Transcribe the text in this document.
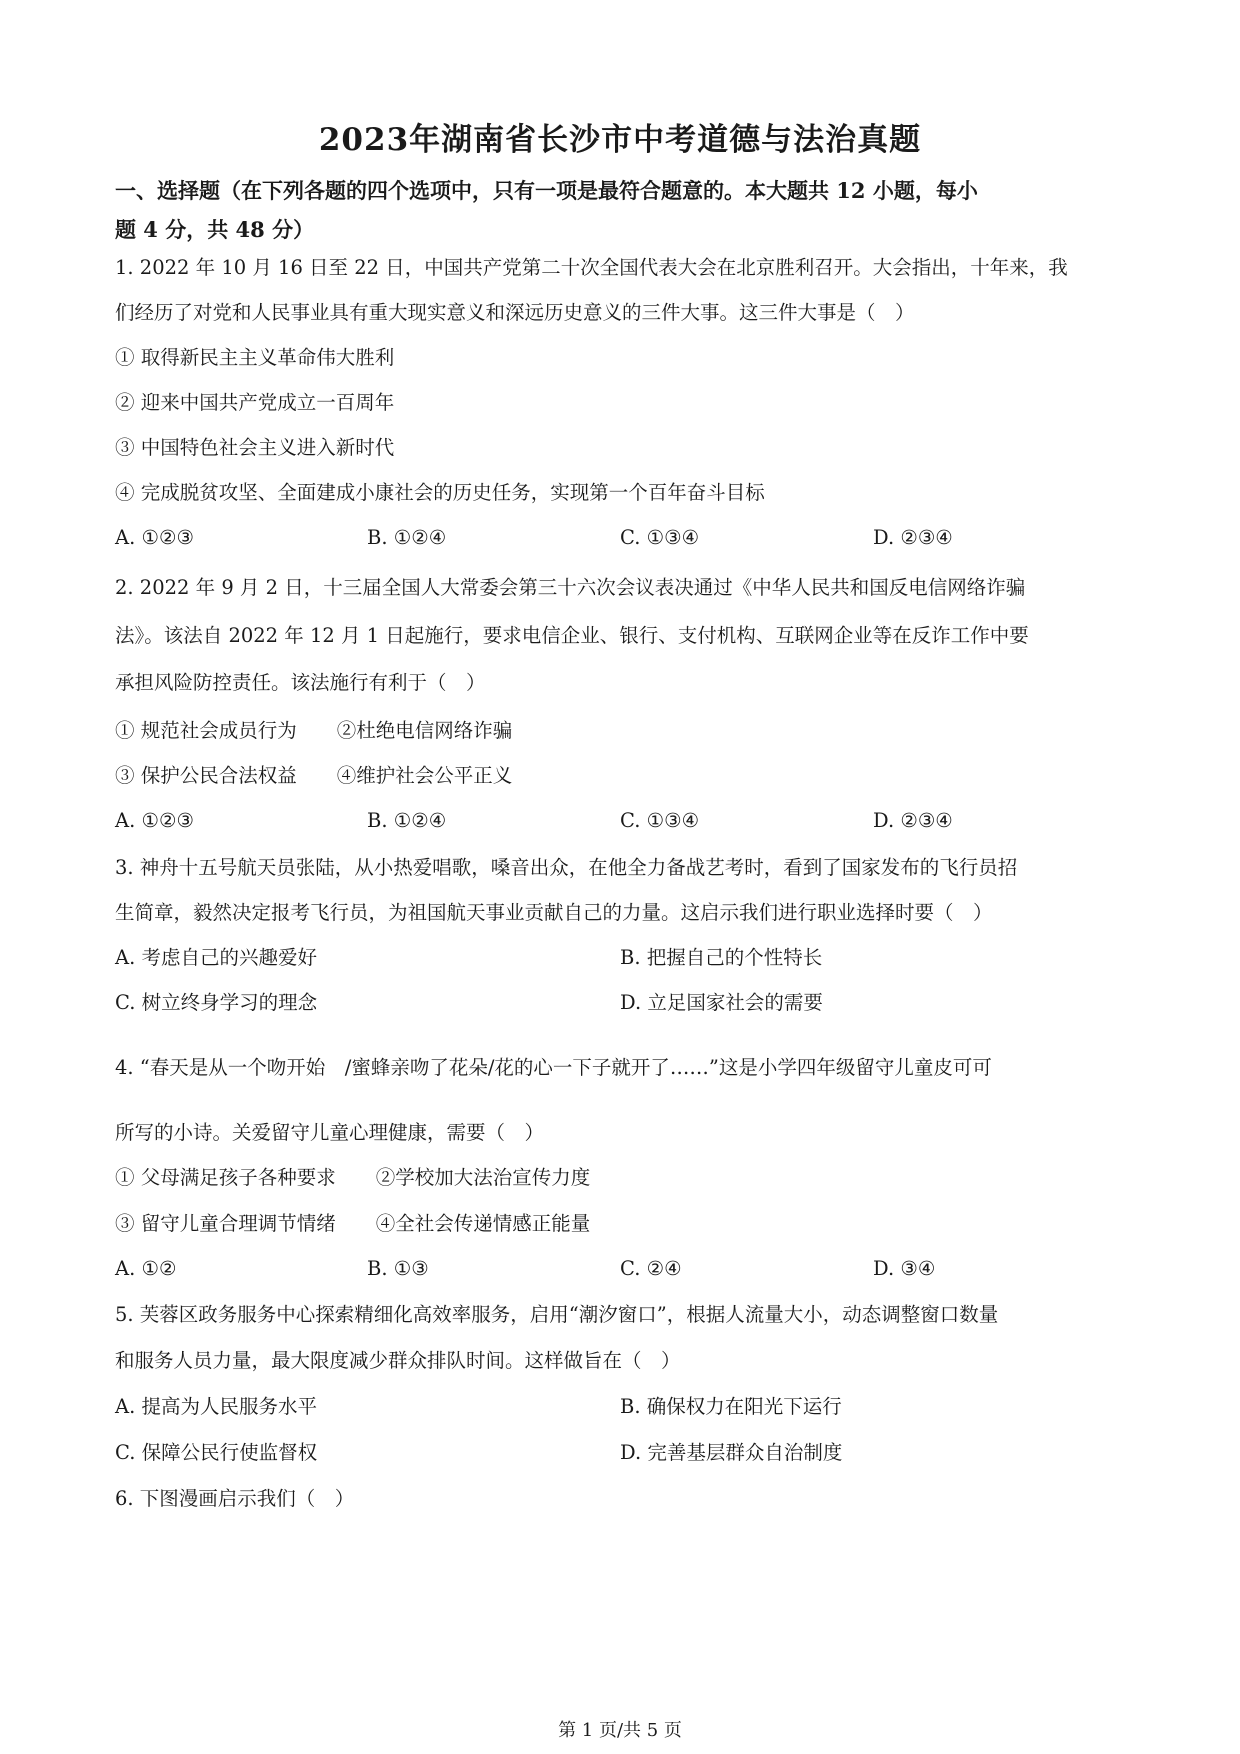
2023年湖南省长沙市中考道德与法治真题
一、选择题（在下列各题的四个选项中，只有一项是最符合题意的。本大题共 12 小题，每小
题 4 分，共 48 分）
1. 2022 年 10 月 16 日至 22 日，中国共产党第二十次全国代表大会在北京胜利召开。大会指出，十年来，我
们经历了对党和人民事业具有重大现实意义和深远历史意义的三件大事。这三件大事是（　）
① 取得新民主主义革命伟大胜利
② 迎来中国共产党成立一百周年
③ 中国特色社会主义进入新时代
④ 完成脱贫攻坚、全面建成小康社会的历史任务，实现第一个百年奋斗目标
A. ①②③	B. ①②④	C. ①③④	D. ②③④
2. 2022 年 9 月 2 日，十三届全国人大常委会第三十六次会议表决通过《中华人民共和国反电信网络诈骗
法》。该法自 2022 年 12 月 1 日起施行，要求电信企业、银行、支付机构、互联网企业等在反诈工作中要
承担风险防控责任。该法施行有利于（　）
① 规范社会成员行为 ②杜绝电信网络诈骗
③ 保护公民合法权益 ④维护社会公平正义
A. ①②③	B. ①②④	C. ①③④	D. ②③④
3. 神舟十五号航天员张陆，从小热爱唱歌，嗓音出众，在他全力备战艺考时，看到了国家发布的飞行员招
生简章，毅然决定报考飞行员，为祖国航天事业贡献自己的力量。这启示我们进行职业选择时要（　）
A. 考虑自己的兴趣爱好	B. 把握自己的个性特长
C. 树立终身学习的理念	D. 立足国家社会的需要
4. “春天是从一个吻开始　/蜜蜂亲吻了花朵/花的心一下子就开了……”这是小学四年级留守儿童皮可可
所写的小诗。关爱留守儿童心理健康，需要（　）
① 父母满足孩子各种要求 ②学校加大法治宣传力度
③ 留守儿童合理调节情绪 ④全社会传递情感正能量
A. ①②	B. ①③	C. ②④	D. ③④
5. 芙蓉区政务服务中心探索精细化高效率服务，启用“潮汐窗口”，根据人流量大小，动态调整窗口数量
和服务人员力量，最大限度减少群众排队时间。这样做旨在（　）
A. 提高为人民服务水平	B. 确保权力在阳光下运行
C. 保障公民行使监督权	D. 完善基层群众自治制度
6. 下图漫画启示我们（　）
第 1 页/共 5 页
